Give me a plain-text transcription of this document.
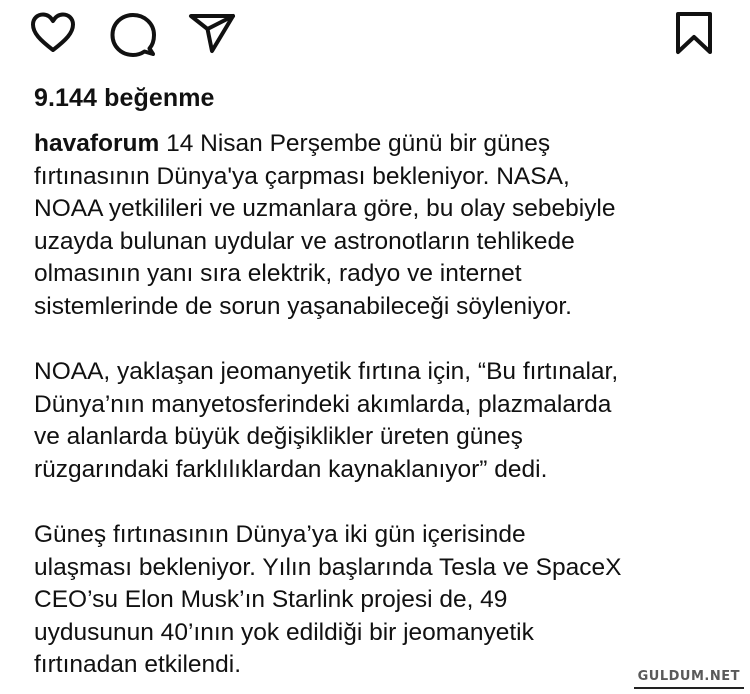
9.144 beğenme

havaforum 14 Nisan Perşembe günü bir güneş

fırtınasının Dünya'ya çarpması bekleniyor. NASA,

NOAA yetkilileri ve uzmanlara göre, bu olay sebebiyle

uzayda bulunan uydular ve astronotların tehlikede

olmasının yanı sıra elektrik, radyo ve internet

sistemlerinde de sorun yaşanabileceği söyleniyor.

NOAA, yaklaşan jeomanyetik fırtına için, “Bu fırtınalar,

Dünya’nın manyetosferindeki akımlarda, plazmalarda

ve alanlarda büyük değişiklikler üreten güneş

rüzgarındaki farklılıklardan kaynaklanıyor” dedi.

Güneş fırtınasının Dünya’ya iki gün içerisinde

ulaşması bekleniyor. Yılın başlarında Tesla ve SpaceX

CEO’su Elon Musk’ın Starlink projesi de, 49

uydusunun 40’ının yok edildiği bir jeomanyetik

fırtınadan etkilendi.	GULDUM.NET
